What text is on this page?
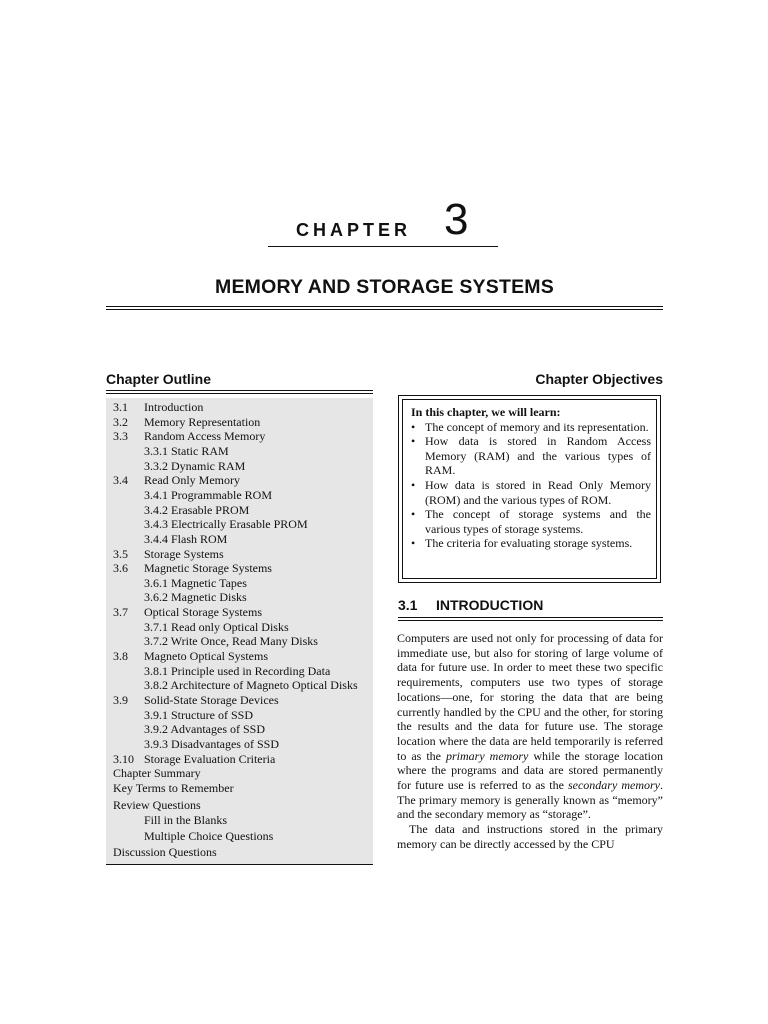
CHAPTER 3
MEMORY AND STORAGE SYSTEMS
Chapter Outline	Chapter Objectives
3.1 Introduction
3.2 Memory Representation
3.3 Random Access Memory
3.3.1 Static RAM
3.3.2 Dynamic RAM
3.4 Read Only Memory
3.4.1 Programmable ROM
3.4.2 Erasable PROM
3.4.3 Electrically Erasable PROM
3.4.4 Flash ROM
3.5 Storage Systems
3.6 Magnetic Storage Systems
3.6.1 Magnetic Tapes
3.6.2 Magnetic Disks
3.7 Optical Storage Systems
3.7.1 Read only Optical Disks
3.7.2 Write Once, Read Many Disks
3.8 Magneto Optical Systems
3.8.1 Principle used in Recording Data
3.8.2 Architecture of Magneto Optical Disks
3.9 Solid-State Storage Devices
3.9.1 Structure of SSD
3.9.2 Advantages of SSD
3.9.3 Disadvantages of SSD
3.10 Storage Evaluation Criteria
Chapter Summary
Key Terms to Remember
Review Questions
Fill in the Blanks
Multiple Choice Questions
Discussion Questions
In this chapter, we will learn:
• The concept of memory and its representation.
• How data is stored in Random Access Memory (RAM) and the various types of RAM.
• How data is stored in Read Only Memory (ROM) and the various types of ROM.
• The concept of storage systems and the various types of storage systems.
• The criteria for evaluating storage systems.
3.1 INTRODUCTION

Computers are used not only for processing of data for immediate use, but also for storing of large volume of data for future use. In order to meet these two specific requirements, computers use two types of storage locations—one, for storing the data that are being currently handled by the CPU and the other, for storing the results and the data for future use. The storage location where the data are held temporarily is referred to as the primary memory while the storage location where the programs and data are stored permanently for future use is referred to as the secondary memory. The primary memory is generally known as “memory” and the secondary memory as “storage”.

The data and instructions stored in the primary memory can be directly accessed by the CPU
